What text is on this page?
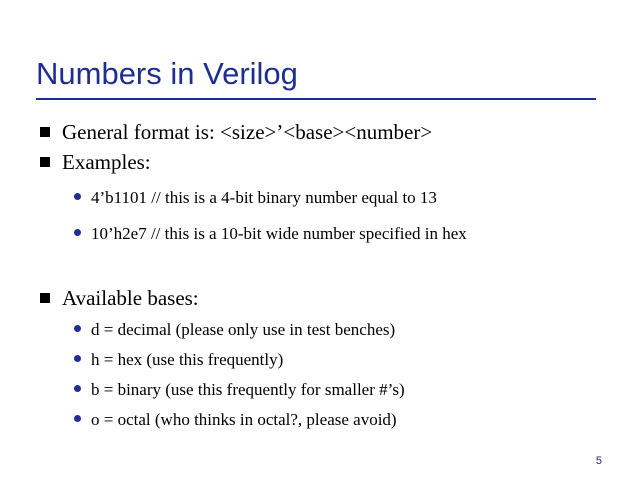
Numbers in Verilog
General format is: <size>’<base><number>
Examples:
4’b1101 // this is a 4-bit binary number equal to 13
10’h2e7 // this is a 10-bit wide number specified in hex
Available bases:
d = decimal (please only use in test benches)
h = hex (use this frequently)
b = binary (use this frequently for smaller #’s)
o = octal (who thinks in octal?, please avoid)
5
